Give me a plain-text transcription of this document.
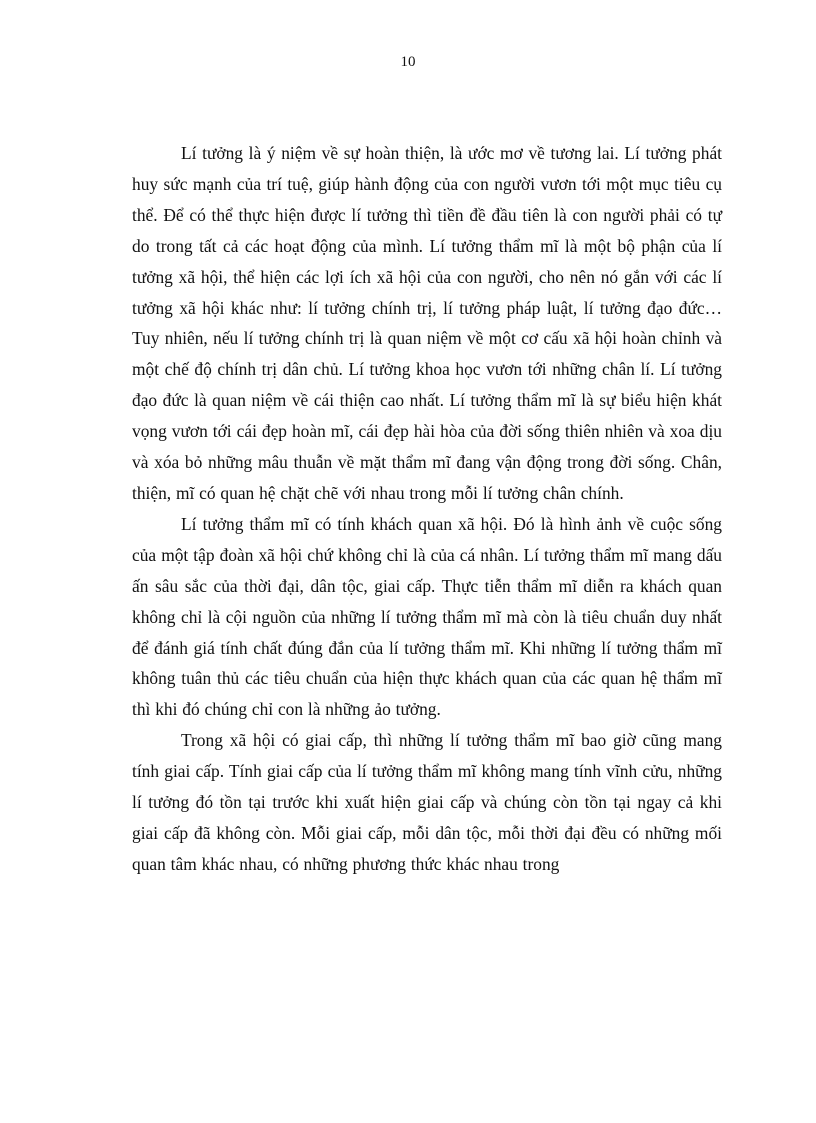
10

Lí tưởng là ý niệm về sự hoàn thiện, là ước mơ về tương lai. Lí tưởng phát huy sức mạnh của trí tuệ, giúp hành động của con người vươn tới một mục tiêu cụ thể. Để có thể thực hiện được lí tưởng thì tiền đề đầu tiên là con người phải có tự do trong tất cả các hoạt động của mình. Lí tưởng thẩm mĩ là một bộ phận của lí tưởng xã hội, thể hiện các lợi ích xã hội của con người, cho nên nó gắn với các lí tưởng xã hội khác như: lí tưởng chính trị, lí tưởng pháp luật, lí tưởng đạo đức… Tuy nhiên, nếu lí tưởng chính trị là quan niệm về một cơ cấu xã hội hoàn chỉnh và một chế độ chính trị dân chủ. Lí tưởng khoa học vươn tới những chân lí. Lí tưởng đạo đức là quan niệm về cái thiện cao nhất. Lí tưởng thẩm mĩ là sự biểu hiện khát vọng vươn tới cái đẹp hoàn mĩ, cái đẹp hài hòa của đời sống thiên nhiên và xoa dịu và xóa bỏ những mâu thuẫn về mặt thẩm mĩ đang vận động trong đời sống. Chân, thiện, mĩ có quan hệ chặt chẽ với nhau trong mỗi lí tưởng chân chính.

Lí tưởng thẩm mĩ có tính khách quan xã hội. Đó là hình ảnh về cuộc sống của một tập đoàn xã hội chứ không chỉ là của cá nhân. Lí tưởng thẩm mĩ mang dấu ấn sâu sắc của thời đại, dân tộc, giai cấp. Thực tiễn thẩm mĩ diễn ra khách quan không chỉ là cội nguồn của những lí tưởng thẩm mĩ mà còn là tiêu chuẩn duy nhất để đánh giá tính chất đúng đắn của lí tưởng thẩm mĩ. Khi những lí tưởng thẩm mĩ không tuân thủ các tiêu chuẩn của hiện thực khách quan của các quan hệ thẩm mĩ thì khi đó chúng chỉ con là những ảo tưởng.

Trong xã hội có giai cấp, thì những lí tưởng thẩm mĩ bao giờ cũng mang tính giai cấp. Tính giai cấp của lí tưởng thẩm mĩ không mang tính vĩnh cửu, những lí tưởng đó tồn tại trước khi xuất hiện giai cấp và chúng còn tồn tại ngay cả khi giai cấp đã không còn. Mỗi giai cấp, mỗi dân tộc, mỗi thời đại đều có những mối quan tâm khác nhau, có những phương thức khác nhau trong
